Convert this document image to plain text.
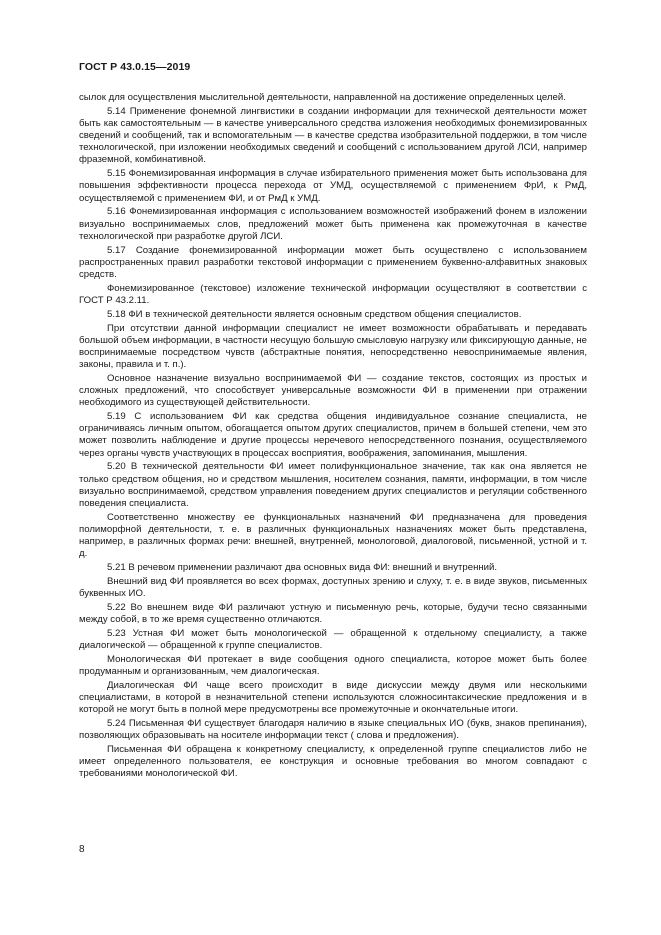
ГОСТ Р 43.0.15—2019

сылок для осуществления мыслительной деятельности, направленной на достижение определенных целей.

5.14 Применение фонемной лингвистики в создании информации для технической деятельности может быть как самостоятельным — в качестве универсального средства изложения необходимых фонемизированных сведений и сообщений, так и вспомогательным — в качестве средства изобразительной поддержки, в том числе технологической, при изложении необходимых сведений и сообщений с использованием другой ЛСИ, например фраземной, комбинативной.

5.15 Фонемизированная информация в случае избирательного применения может быть использована для повышения эффективности процесса перехода от УМД, осуществляемой с применением ФрИ, к РмД, осуществляемой с применением ФИ, и от РмД к УМД.

5.16 Фонемизированная информация с использованием возможностей изображений фонем в изложении визуально воспринимаемых слов, предложений может быть применена как промежуточная в качестве технологической при разработке другой ЛСИ.

5.17 Создание фонемизированной информации может быть осуществлено с использованием распространенных правил разработки текстовой информации с применением буквенно-алфавитных знаковых средств.

Фонемизированное (текстовое) изложение технической информации осуществляют в соответствии с ГОСТ Р 43.2.11.

5.18 ФИ в технической деятельности является основным средством общения специалистов.

При отсутствии данной информации специалист не имеет возможности обрабатывать и передавать большой объем информации, в частности несущую большую смысловую нагрузку или фиксирующую данные, не воспринимаемые посредством чувств (абстрактные понятия, непосредственно невоспринимаемые явления, законы, правила и т. п.).

Основное назначение визуально воспринимаемой ФИ — создание текстов, состоящих из простых и сложных предложений, что способствует универсальные возможности ФИ в применении при отражении необходимого из существующей действительности.

5.19 С использованием ФИ как средства общения индивидуальное сознание специалиста, не ограничиваясь личным опытом, обогащается опытом других специалистов, причем в большей степени, чем это может позволить наблюдение и другие процессы неречевого непосредственного познания, осуществляемого через органы чувств участвующих в процессах восприятия, воображения, запоминания, мышления.

5.20 В технической деятельности ФИ имеет полифункциональное значение, так как она является не только средством общения, но и средством мышления, носителем сознания, памяти, информации, в том числе визуально воспринимаемой, средством управления поведением других специалистов и регуляции собственного поведения специалиста.

Соответственно множеству ее функциональных назначений ФИ предназначена для проведения полиморфной деятельности, т. е. в различных функциональных назначениях может быть представлена, например, в различных формах речи: внешней, внутренней, монологовой, диалоговой, письменной, устной и т. д.

5.21 В речевом применении различают два основных вида ФИ: внешний и внутренний.

Внешний вид ФИ проявляется во всех формах, доступных зрению и слуху, т. е. в виде звуков, письменных буквенных ИО.

5.22 Во внешнем виде ФИ различают устную и письменную речь, которые, будучи тесно связанными между собой, в то же время существенно отличаются.

5.23 Устная ФИ может быть монологической — обращенной к отдельному специалисту, а также диалогической — обращенной к группе специалистов.

Монологическая ФИ протекает в виде сообщения одного специалиста, которое может быть более продуманным и организованным, чем диалогическая.

Диалогическая ФИ чаще всего происходит в виде дискуссии между двумя или несколькими специалистами, в которой в незначительной степени используются сложносинтаксические предложения и в которой не могут быть в полной мере предусмотрены все промежуточные и окончательные итоги.

5.24 Письменная ФИ существует благодаря наличию в языке специальных ИО (букв, знаков препинания), позволяющих образовывать на носителе информации текст ( слова и предложения).

Письменная ФИ обращена к конкретному специалисту, к определенной группе специалистов либо не имеет определенного пользователя, ее конструкция и основные требования во многом совпадают с требованиями монологической ФИ.

8
